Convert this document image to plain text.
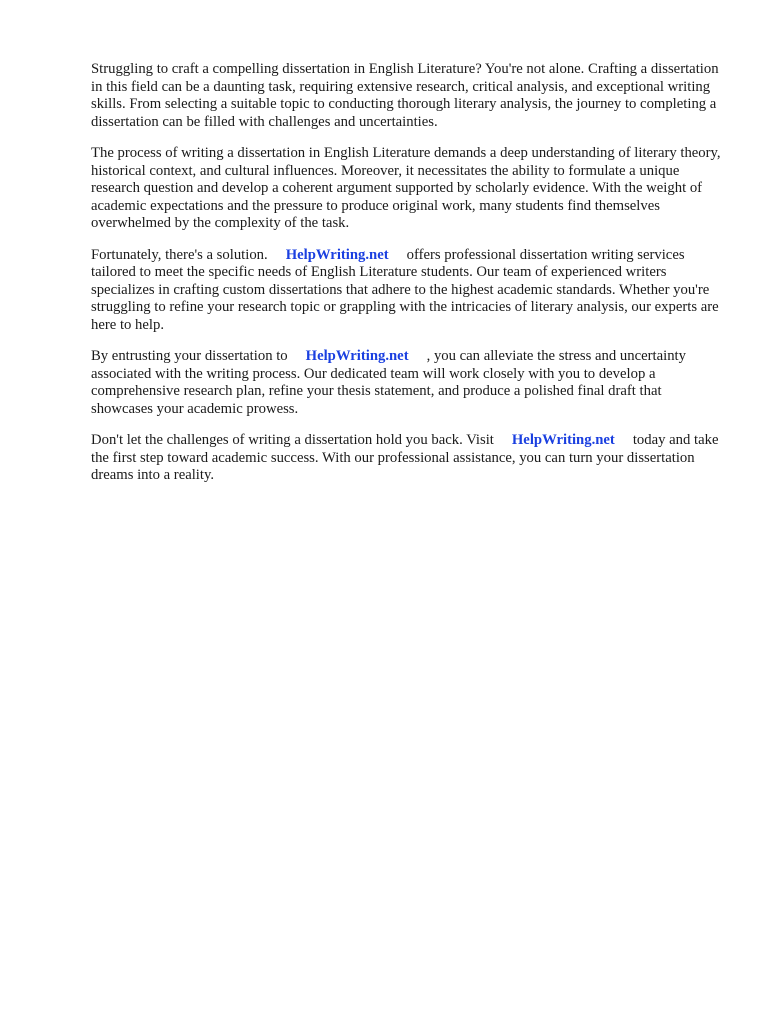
Struggling to craft a compelling dissertation in English Literature? You're not alone. Crafting a dissertation in this field can be a daunting task, requiring extensive research, critical analysis, and exceptional writing skills. From selecting a suitable topic to conducting thorough literary analysis, the journey to completing a dissertation can be filled with challenges and uncertainties.

The process of writing a dissertation in English Literature demands a deep understanding of literary theory, historical context, and cultural influences. Moreover, it necessitates the ability to formulate a unique research question and develop a coherent argument supported by scholarly evidence. With the weight of academic expectations and the pressure to produce original work, many students find themselves overwhelmed by the complexity of the task.

Fortunately, there's a solution. HelpWriting.net offers professional dissertation writing services tailored to meet the specific needs of English Literature students. Our team of experienced writers specializes in crafting custom dissertations that adhere to the highest academic standards. Whether you're struggling to refine your research topic or grappling with the intricacies of literary analysis, our experts are here to help.

By entrusting your dissertation to HelpWriting.net , you can alleviate the stress and uncertainty associated with the writing process. Our dedicated team will work closely with you to develop a comprehensive research plan, refine your thesis statement, and produce a polished final draft that showcases your academic prowess.

Don't let the challenges of writing a dissertation hold you back. Visit HelpWriting.net today and take the first step toward academic success. With our professional assistance, you can turn your dissertation dreams into a reality.
